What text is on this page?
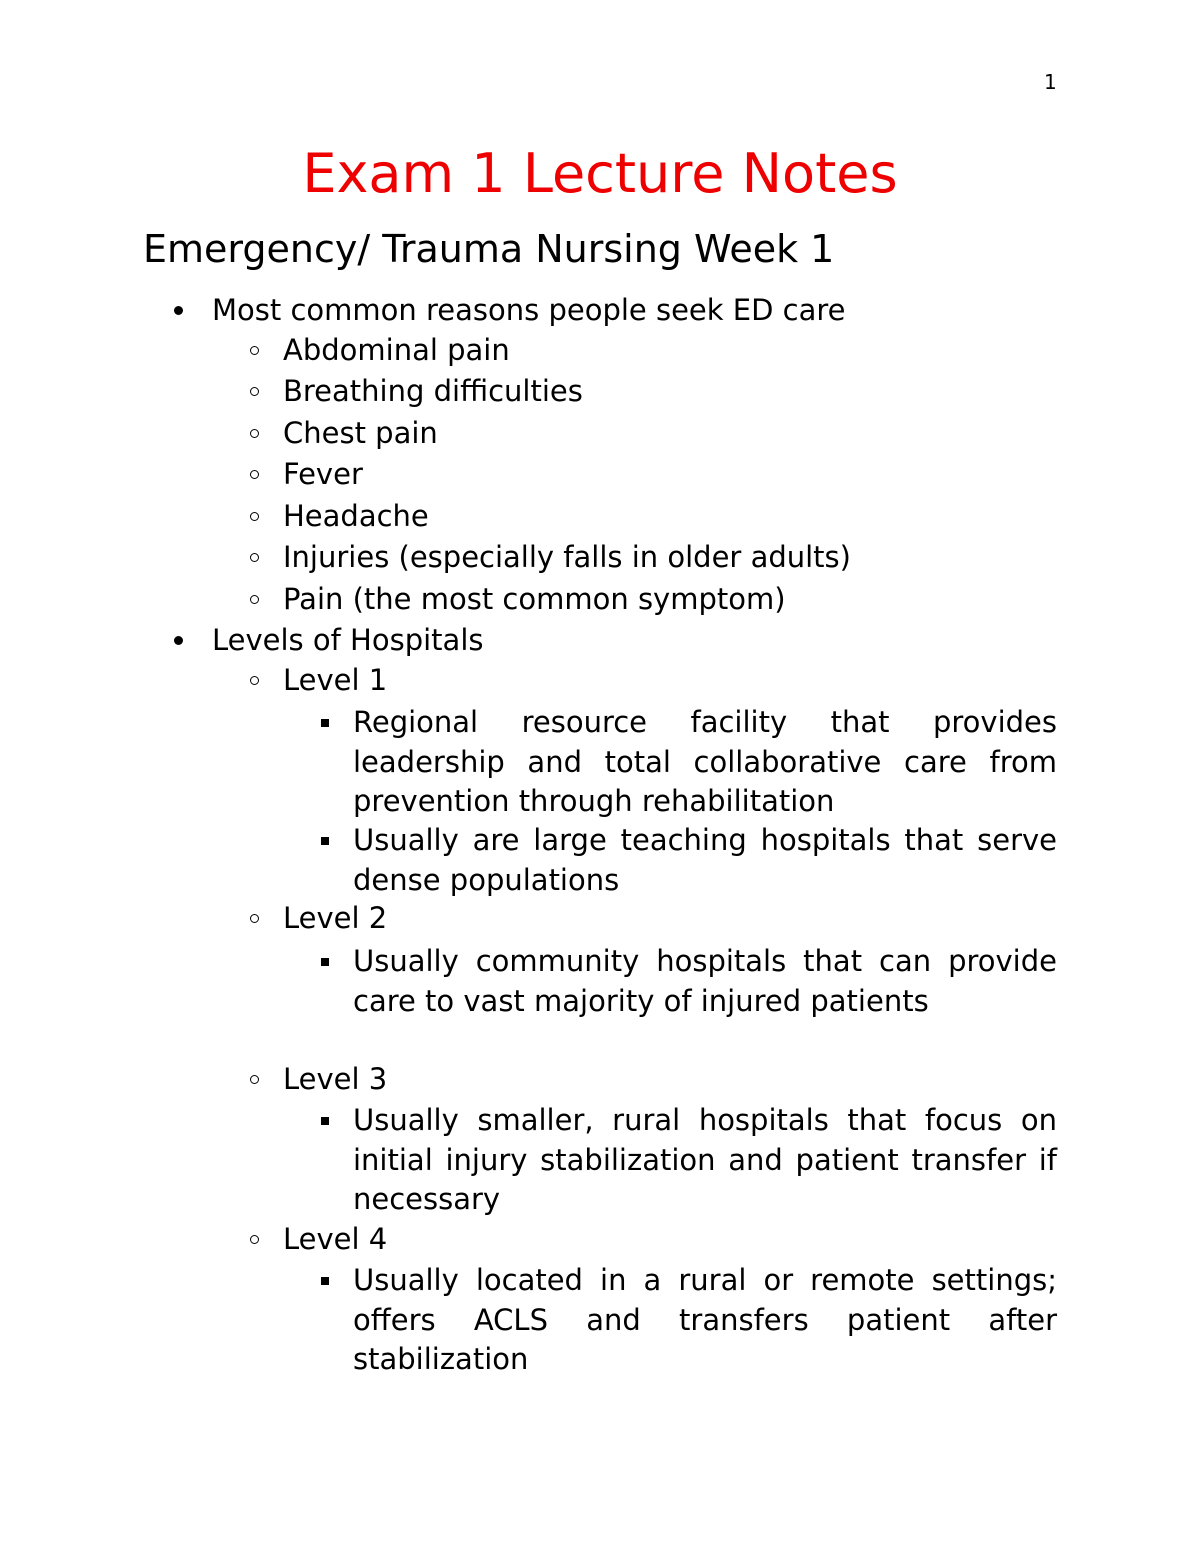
1
Exam 1 Lecture Notes
Emergency/ Trauma Nursing Week 1
Most common reasons people seek ED care
Abdominal pain
Breathing difficulties
Chest pain
Fever
Headache
Injuries (especially falls in older adults)
Pain (the most common symptom)
Levels of Hospitals
Level 1
Regional resource facility that provides leadership and total collaborative care from prevention through rehabilitation
Usually are large teaching hospitals that serve dense populations
Level 2
Usually community hospitals that can provide care to vast majority of injured patients
Level 3
Usually smaller, rural hospitals that focus on initial injury stabilization and patient transfer if necessary
Level 4
Usually located in a rural or remote settings; offers ACLS and transfers patient after stabilization
